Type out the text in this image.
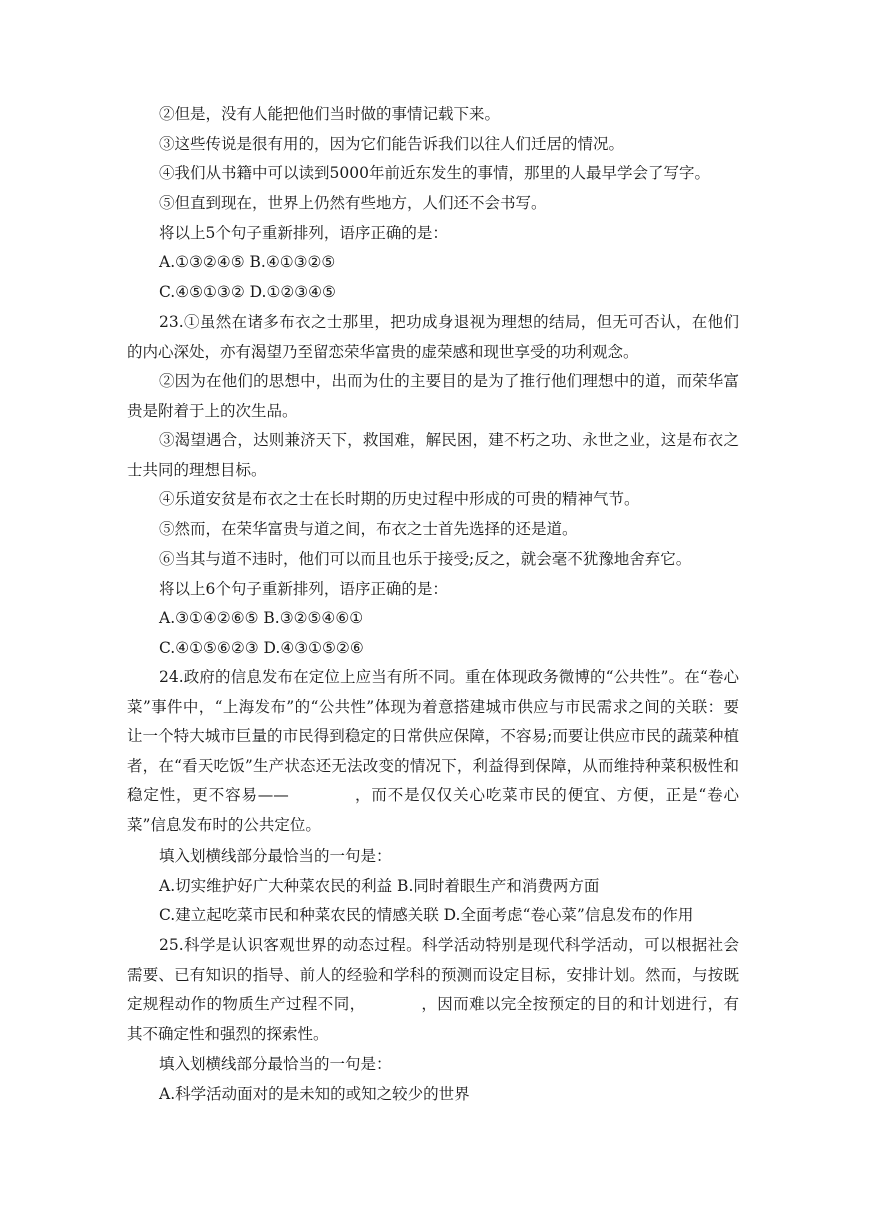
②但是，没有人能把他们当时做的事情记载下来。

③这些传说是很有用的，因为它们能告诉我们以往人们迁居的情况。

④我们从书籍中可以读到5000年前近东发生的事情，那里的人最早学会了写字。

⑤但直到现在，世界上仍然有些地方，人们还不会书写。

将以上5个句子重新排列，语序正确的是：

A.①③②④⑤ B.④①③②⑤

C.④⑤①③② D.①②③④⑤

23.①虽然在诸多布衣之士那里，把功成身退视为理想的结局，但无可否认，在他们的内心深处，亦有渴望乃至留恋荣华富贵的虚荣感和现世享受的功利观念。

②因为在他们的思想中，出而为仕的主要目的是为了推行他们理想中的道，而荣华富贵是附着于上的次生品。

③渴望遇合，达则兼济天下，救国难，解民困，建不朽之功、永世之业，这是布衣之士共同的理想目标。

④乐道安贫是布衣之士在长时期的历史过程中形成的可贵的精神气节。

⑤然而，在荣华富贵与道之间，布衣之士首先选择的还是道。

⑥当其与道不违时，他们可以而且也乐于接受;反之，就会毫不犹豫地舍弃它。

将以上6个句子重新排列，语序正确的是：

A.③①④②⑥⑤ B.③②⑤④⑥①

C.④①⑤⑥②③ D.④③①⑤②⑥

24.政府的信息发布在定位上应当有所不同。重在体现政务微博的“公共性”。在“卷心菜”事件中，“上海发布”的“公共性”体现为着意搭建城市供应与市民需求之间的关联：要让一个特大城市巨量的市民得到稳定的日常供应保障，不容易;而要让供应市民的蔬菜种植者，在“看天吃饭”生产状态还无法改变的情况下，利益得到保障，从而维持种菜积极性和稳定性，更不容易——　　　　，而不是仅仅关心吃菜市民的便宜、方便，正是“卷心菜”信息发布时的公共定位。

填入划横线部分最恰当的一句是：

A.切实维护好广大种菜农民的利益 B.同时着眼生产和消费两方面

C.建立起吃菜市民和种菜农民的情感关联 D.全面考虑“卷心菜”信息发布的作用

25.科学是认识客观世界的动态过程。科学活动特别是现代科学活动，可以根据社会需要、已有知识的指导、前人的经验和学科的预测而设定目标，安排计划。然而，与按既定规程动作的物质生产过程不同，　　　　，因而难以完全按预定的目的和计划进行，有其不确定性和强烈的探索性。

填入划横线部分最恰当的一句是：

A.科学活动面对的是未知的或知之较少的世界
